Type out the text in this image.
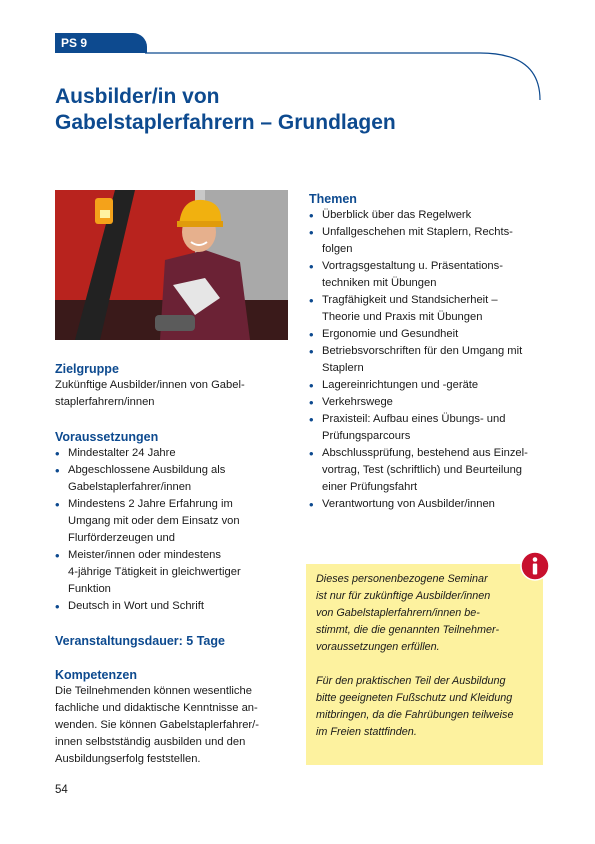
PS 9
Ausbilder/in von
Gabelstaplerfahrern – Grundlagen

Zielgruppe

Zukünftige Ausbilder/innen von Gabel-
staplerfahrern/innen

Voraussetzungen

• Mindestalter 24 Jahre
• Abgeschlossene Ausbildung als
Gabelstaplerfahrer/innen
• Mindestens 2 Jahre Erfahrung im
Umgang mit oder dem Einsatz von
Flurförderzeugen und
• Meister/innen oder mindestens
4-jährige Tätigkeit in gleichwertiger
Funktion
• Deutsch in Wort und Schrift

Veranstaltungsdauer: 5 Tage

Kompetenzen

Die Teilnehmenden können wesentliche
fachliche und didaktische Kenntnisse an-
wenden. Sie können Gabelstaplerfahrer/-
innen selbstständig ausbilden und den
Ausbildungserfolg feststellen.

Themen

• Überblick über das Regelwerk
• Unfallgeschehen mit Staplern, Rechts-
folgen
• Vortragsgestaltung u. Präsentations-
techniken mit Übungen
• Tragfähigkeit und Standsicherheit –
Theorie und Praxis mit Übungen
• Ergonomie und Gesundheit
• Betriebsvorschriften für den Umgang mit
Staplern
• Lagereinrichtungen und -geräte
• Verkehrswege
• Praxisteil: Aufbau eines Übungs- und
Prüfungsparcours
• Abschlussprüfung, bestehend aus Einzel-
vortrag, Test (schriftlich) und Beurteilung
einer Prüfungsfahrt
• Verantwortung von Ausbilder/innen
Dieses personenbezogene Seminar
ist nur für zukünftige Ausbilder/innen
von Gabelstaplerfahrern/innen be-
stimmt, die die genannten Teilnehmer-
voraussetzungen erfüllen.
Für den praktischen Teil der Ausbildung
bitte geeigneten Fußschutz und Kleidung
mitbringen, da die Fahrübungen teilweise
im Freien stattfinden.
54
